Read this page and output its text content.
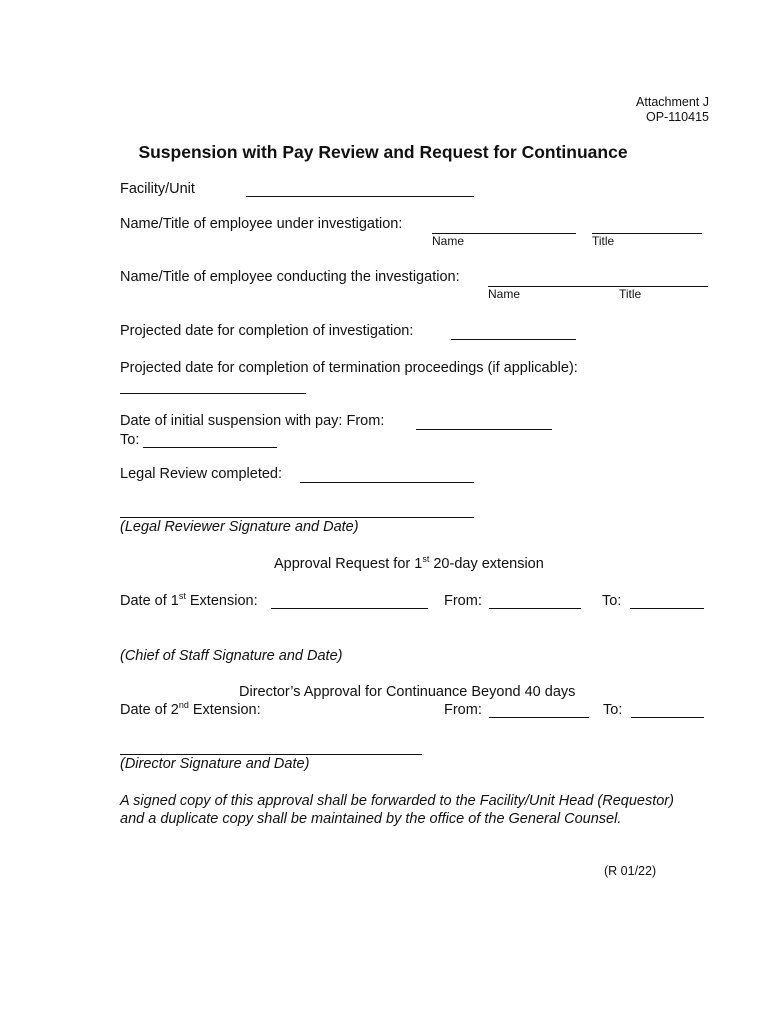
Attachment J
OP-110415
Suspension with Pay Review and Request for Continuance
Facility/Unit
Name/Title of employee under investigation:
Name	Title
Name/Title of employee conducting the investigation:
Name	Title
Projected date for completion of investigation:
Projected date for completion of termination proceedings (if applicable):
Date of initial suspension with pay: From:
To:
Legal Review completed:
(Legal Reviewer Signature and Date)
Approval Request for 1st 20-day extension
Date of 1st Extension:	From:	To:
(Chief of Staff Signature and Date)
Director’s Approval for Continuance Beyond 40 days
Date of 2nd Extension:	From:	To:
(Director Signature and Date)
A signed copy of this approval shall be forwarded to the Facility/Unit Head (Requestor)
and a duplicate copy shall be maintained by the office of the General Counsel.
(R 01/22)
